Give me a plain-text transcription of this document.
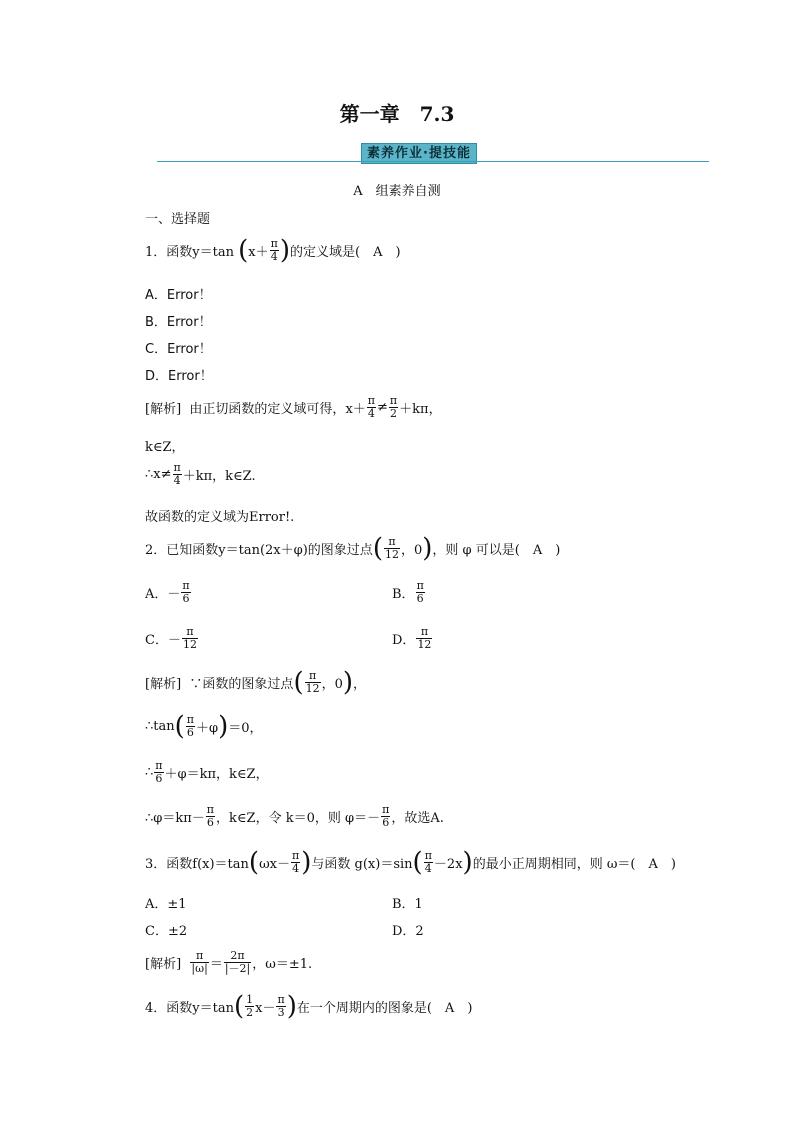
第一章　7.3
素养作业·提技能
A　组素养自测
一、选择题
1．函数y＝tan ($x+ \frac{\pi}{4}$ )的定义域是(　A　)
A．Error！
B．Error！
C．Error！
D．Error！
[解析] 由正切函数的定义域可得，$x+ \frac{\pi}{4} \ne \frac{\pi}{2} +k\pi$，
k∈Z，
∴x≠ $\frac{\pi}{4} +k\pi$，k∈Z.
故函数的定义域为Error!.
2．已知函数y＝tan(2x＋φ)的图象过点( $\frac{\pi}{12}$ ，0)，则 φ 可以是(　A　)
A．－ $\frac{\pi}{6}$	B． $\frac{\pi}{6}$
C．－ $\frac{\pi}{12}$	D． $\frac{\pi}{12}$
[解析] ∵函数的图象过点( $\frac{\pi}{12}$ ，0)，
∴tan( $\frac{\pi}{6} +\varphi)=0$，
∴ $\frac{\pi}{6} +\varphi=k\pi$，k∈Z，
∴φ＝kπ－ $\frac{\pi}{6}$ ，k∈Z，令 k＝0，则 $\varphi=- \frac{\pi}{6}$ ，故选A.
3．函数$f(x)=\tan(\omega x- \frac{\pi}{4}$ )与函数 $g(x)=\sin( \frac{\pi}{4} -2x)$的最小正周期相同，则 ω＝(　A　)
A．±1	B．1
C．±2	D．2
[解析] $\frac{\pi}{|\omega|} = \frac{2\pi}{|-2|}$ ，ω＝±1.
4．函数$y=\tan( \frac{1}{2} x- \frac{\pi}{3}$ )在一个周期内的图象是(　A　)
